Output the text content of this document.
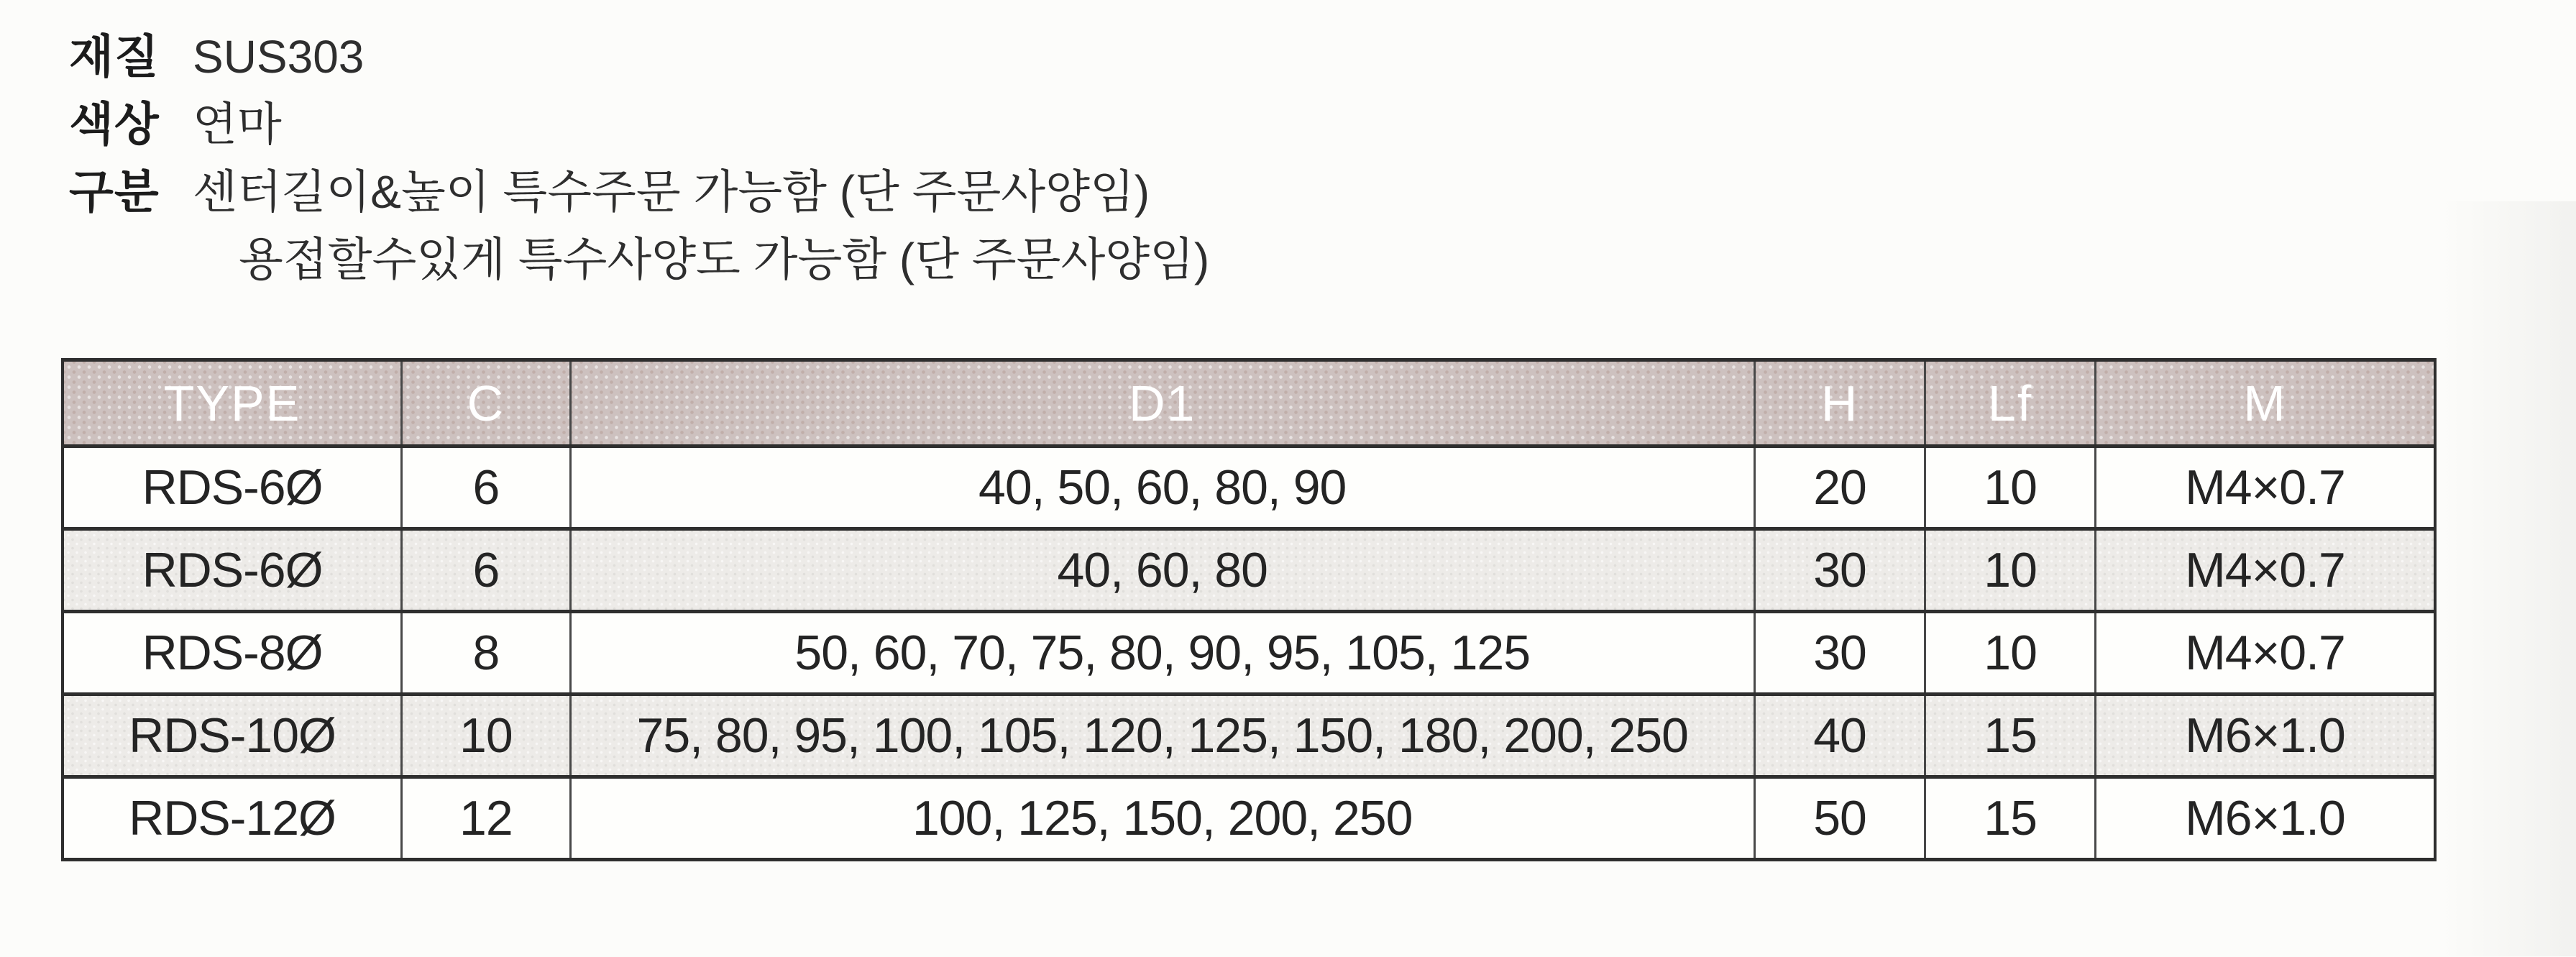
재질 SUS303
색상 연마
구분 센터길이&높이 특수주문 가능함 (단 주문사양임)
용접할수있게 특수사양도 가능함 (단 주문사양임)
TYPE	C	D1	H	Lf	M
RDS-6Ø	6	40, 50, 60, 80, 90	20	10	M4×0.7
RDS-6Ø	6	40, 60, 80	30	10	M4×0.7
RDS-8Ø	8	50, 60, 70, 75, 80, 90, 95, 105, 125	30	10	M4×0.7
RDS-10Ø	10	75, 80, 95, 100, 105, 120, 125, 150, 180, 200, 250	40	15	M6×1.0
RDS-12Ø	12	100, 125, 150, 200, 250	50	15	M6×1.0
